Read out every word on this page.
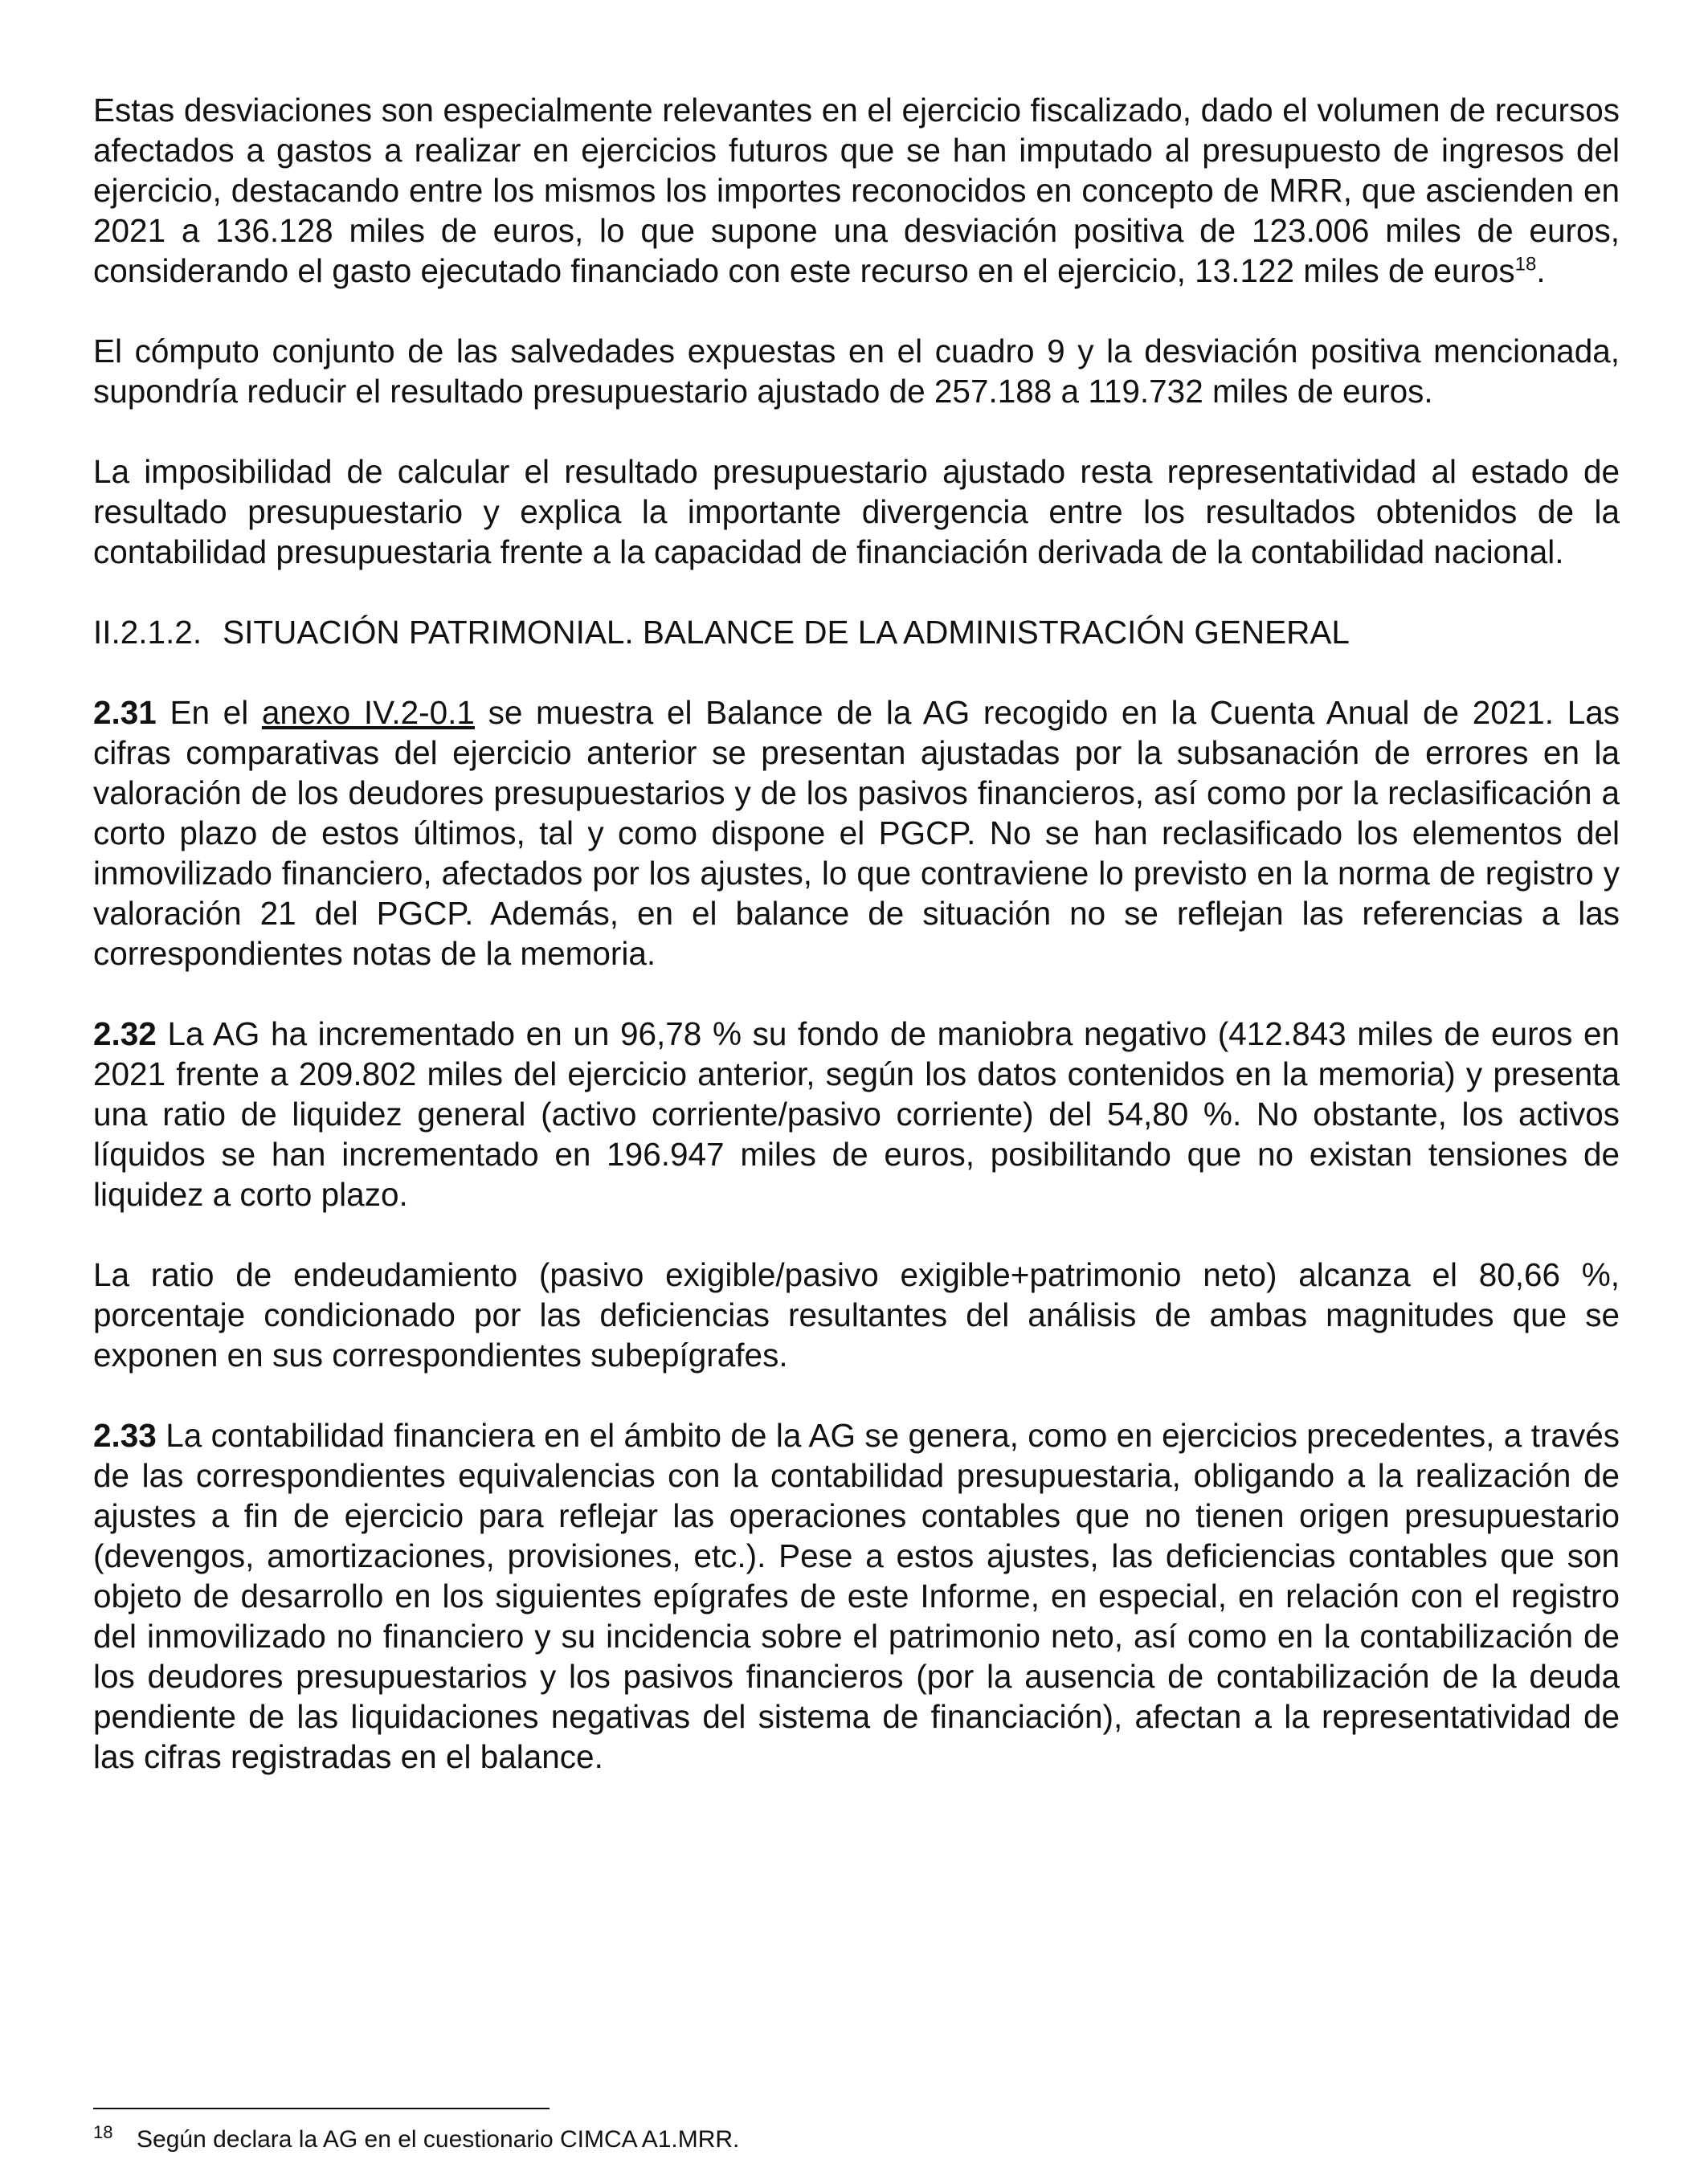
Estas desviaciones son especialmente relevantes en el ejercicio fiscalizado, dado el volumen de recursos afectados a gastos a realizar en ejercicios futuros que se han imputado al presupuesto de ingresos del ejercicio, destacando entre los mismos los importes reconocidos en concepto de MRR, que ascienden en 2021 a 136.128 miles de euros, lo que supone una desviación positiva de 123.006 miles de euros, considerando el gasto ejecutado financiado con este recurso en el ejercicio, 13.122 miles de euros$^{18}$.

El cómputo conjunto de las salvedades expuestas en el cuadro 9 y la desviación positiva mencionada, supondría reducir el resultado presupuestario ajustado de 257.188 a 119.732 miles de euros.

La imposibilidad de calcular el resultado presupuestario ajustado resta representatividad al estado de resultado presupuestario y explica la importante divergencia entre los resultados obtenidos de la contabilidad presupuestaria frente a la capacidad de financiación derivada de la contabilidad nacional.

II.2.1.2. SITUACIÓN PATRIMONIAL. BALANCE DE LA ADMINISTRACIÓN GENERAL

2.31 En el anexo IV.2-0.1 se muestra el Balance de la AG recogido en la Cuenta Anual de 2021. Las cifras comparativas del ejercicio anterior se presentan ajustadas por la subsanación de errores en la valoración de los deudores presupuestarios y de los pasivos financieros, así como por la reclasificación a corto plazo de estos últimos, tal y como dispone el PGCP. No se han reclasificado los elementos del inmovilizado financiero, afectados por los ajustes, lo que contraviene lo previsto en la norma de registro y valoración 21 del PGCP. Además, en el balance de situación no se reflejan las referencias a las correspondientes notas de la memoria.

2.32 La AG ha incrementado en un 96,78 % su fondo de maniobra negativo (412.843 miles de euros en 2021 frente a 209.802 miles del ejercicio anterior, según los datos contenidos en la memoria) y presenta una ratio de liquidez general (activo corriente/pasivo corriente) del 54,80 %. No obstante, los activos líquidos se han incrementado en 196.947 miles de euros, posibilitando que no existan tensiones de liquidez a corto plazo.

La ratio de endeudamiento (pasivo exigible/pasivo exigible+patrimonio neto) alcanza el 80,66 %, porcentaje condicionado por las deficiencias resultantes del análisis de ambas magnitudes que se exponen en sus correspondientes subepígrafes.

2.33 La contabilidad financiera en el ámbito de la AG se genera, como en ejercicios precedentes, a través de las correspondientes equivalencias con la contabilidad presupuestaria, obligando a la realización de ajustes a fin de ejercicio para reflejar las operaciones contables que no tienen origen presupuestario (devengos, amortizaciones, provisiones, etc.). Pese a estos ajustes, las deficiencias contables que son objeto de desarrollo en los siguientes epígrafes de este Informe, en especial, en relación con el registro del inmovilizado no financiero y su incidencia sobre el patrimonio neto, así como en la contabilización de los deudores presupuestarios y los pasivos financieros (por la ausencia de contabilización de la deuda pendiente de las liquidaciones negativas del sistema de financiación), afectan a la representatividad de las cifras registradas en el balance.

18 Según declara la AG en el cuestionario CIMCA A1.MRR.
